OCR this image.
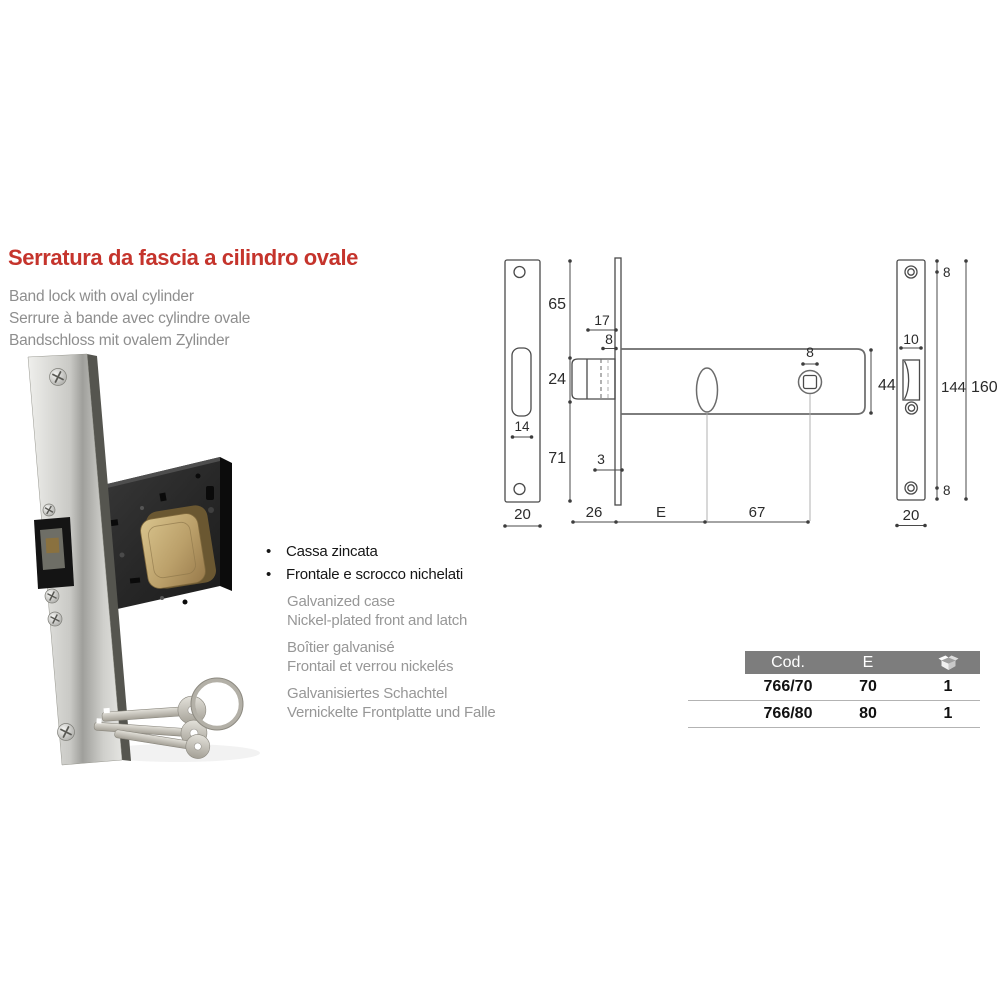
Serratura da fascia a cilindro ovale
Band lock with oval cylinder
Serrure à bande avec cylindre ovale
Bandschloss mit ovalem Zylinder
14
20
65
24
71
17
8
8
3
44
26	E	67
10
20
8
144 160
8
• Cassa zincata
• Frontale e scrocco nichelati
Galvanized case
Nickel-plated front and latch
Boîtier galvanisé
Frontail et verrou nickelés
Galvanisiertes Schachtel
Vernickelte Frontplatte und Falle
Cod.	E
766/70	70	1
766/80	80	1
